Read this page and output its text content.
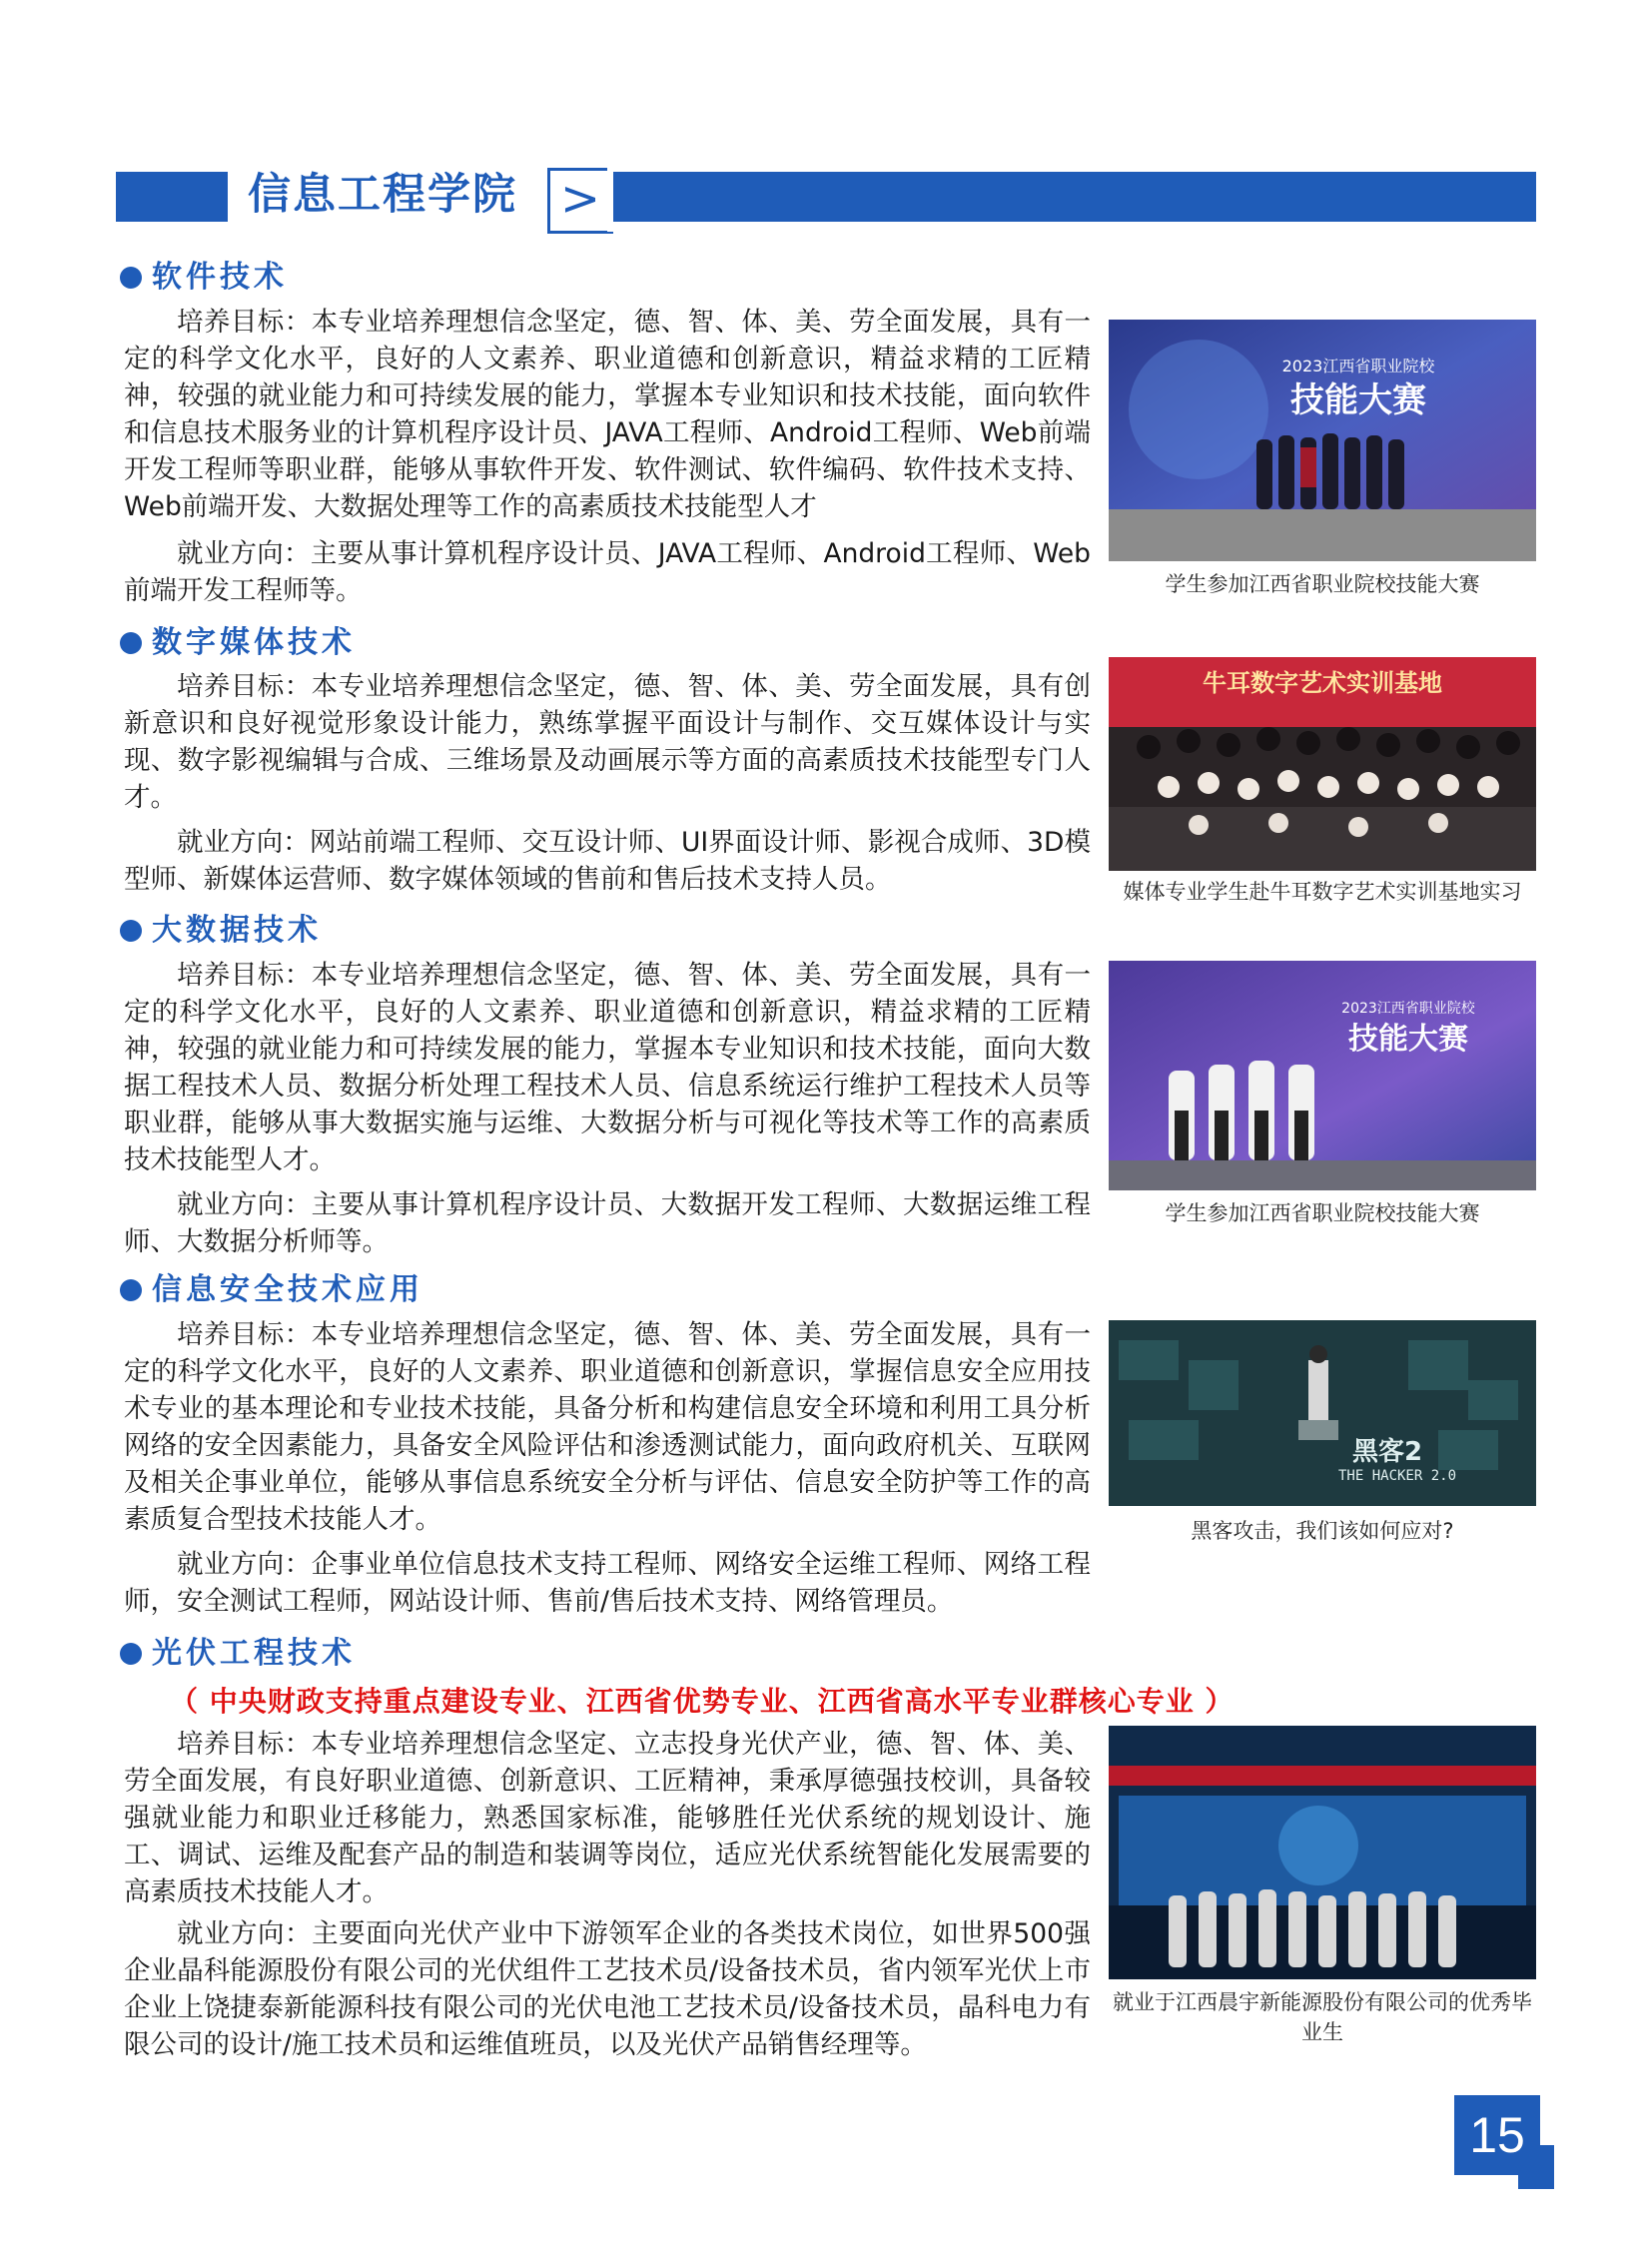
信息工程学院 >
软件技术

培养目标：本专业培养理想信念坚定，德、智、体、美、劳全面发展，具有一定的科学文化水平，良好的人文素养、职业道德和创新意识，精益求精的工匠精神，较强的就业能力和可持续发展的能力，掌握本专业知识和技术技能，面向软件和信息技术服务业的计算机程序设计员、JAVA工程师、Android工程师、Web前端开发工程师等职业群，能够从事软件开发、软件测试、软件编码、软件技术支持、Web前端开发、大数据处理等工作的高素质技术技能型人才

就业方向：主要从事计算机程序设计员、JAVA工程师、Android工程师、Web前端开发工程师等。

2023江西省职业院校
技能大赛
学生参加江西省职业院校技能大赛
数字媒体技术

培养目标：本专业培养理想信念坚定，德、智、体、美、劳全面发展，具有创新意识和良好视觉形象设计能力，熟练掌握平面设计与制作、交互媒体设计与实现、数字影视编辑与合成、三维场景及动画展示等方面的高素质技术技能型专门人才。

就业方向：网站前端工程师、交互设计师、UI界面设计师、影视合成师、3D模型师、新媒体运营师、数字媒体领域的售前和售后技术支持人员。

牛耳数字艺术实训基地
媒体专业学生赴牛耳数字艺术实训基地实习
大数据技术

培养目标：本专业培养理想信念坚定，德、智、体、美、劳全面发展，具有一定的科学文化水平，良好的人文素养、职业道德和创新意识，精益求精的工匠精神，较强的就业能力和可持续发展的能力，掌握本专业知识和技术技能，面向大数据工程技术人员、数据分析处理工程技术人员、信息系统运行维护工程技术人员等职业群，能够从事大数据实施与运维、大数据分析与可视化等技术等工作的高素质技术技能型人才。

就业方向：主要从事计算机程序设计员、大数据开发工程师、大数据运维工程师、大数据分析师等。

2023江西省职业院校
技能大赛
学生参加江西省职业院校技能大赛
信息安全技术应用

培养目标：本专业培养理想信念坚定，德、智、体、美、劳全面发展，具有一定的科学文化水平，良好的人文素养、职业道德和创新意识，掌握信息安全应用技术专业的基本理论和专业技术技能，具备分析和构建信息安全环境和利用工具分析网络的安全因素能力，具备安全风险评估和渗透测试能力，面向政府机关、互联网及相关企事业单位，能够从事信息系统安全分析与评估、信息安全防护等工作的高素质复合型技术技能人才。

就业方向：企事业单位信息技术支持工程师、网络安全运维工程师、网络工程师，安全测试工程师，网站设计师、售前/售后技术支持、网络管理员。

黑客2
THE HACKER 2.0
黑客攻击，我们该如何应对?
光伏工程技术
（ 中央财政支持重点建设专业、江西省优势专业、江西省高水平专业群核心专业 ）

培养目标：本专业培养理想信念坚定、立志投身光伏产业，德、智、体、美、劳全面发展，有良好职业道德、创新意识、工匠精神，秉承厚德强技校训，具备较强就业能力和职业迁移能力，熟悉国家标准，能够胜任光伏系统的规划设计、施工、调试、运维及配套产品的制造和装调等岗位，适应光伏系统智能化发展需要的高素质技术技能人才。

就业方向：主要面向光伏产业中下游领军企业的各类技术岗位，如世界500强企业晶科能源股份有限公司的光伏组件工艺技术员/设备技术员，省内领军光伏上市企业上饶捷泰新能源科技有限公司的光伏电池工艺技术员/设备技术员，晶科电力有限公司的设计/施工技术员和运维值班员，以及光伏产品销售经理等。

就业于江西晨宇新能源股份有限公司的优秀毕业生
15
